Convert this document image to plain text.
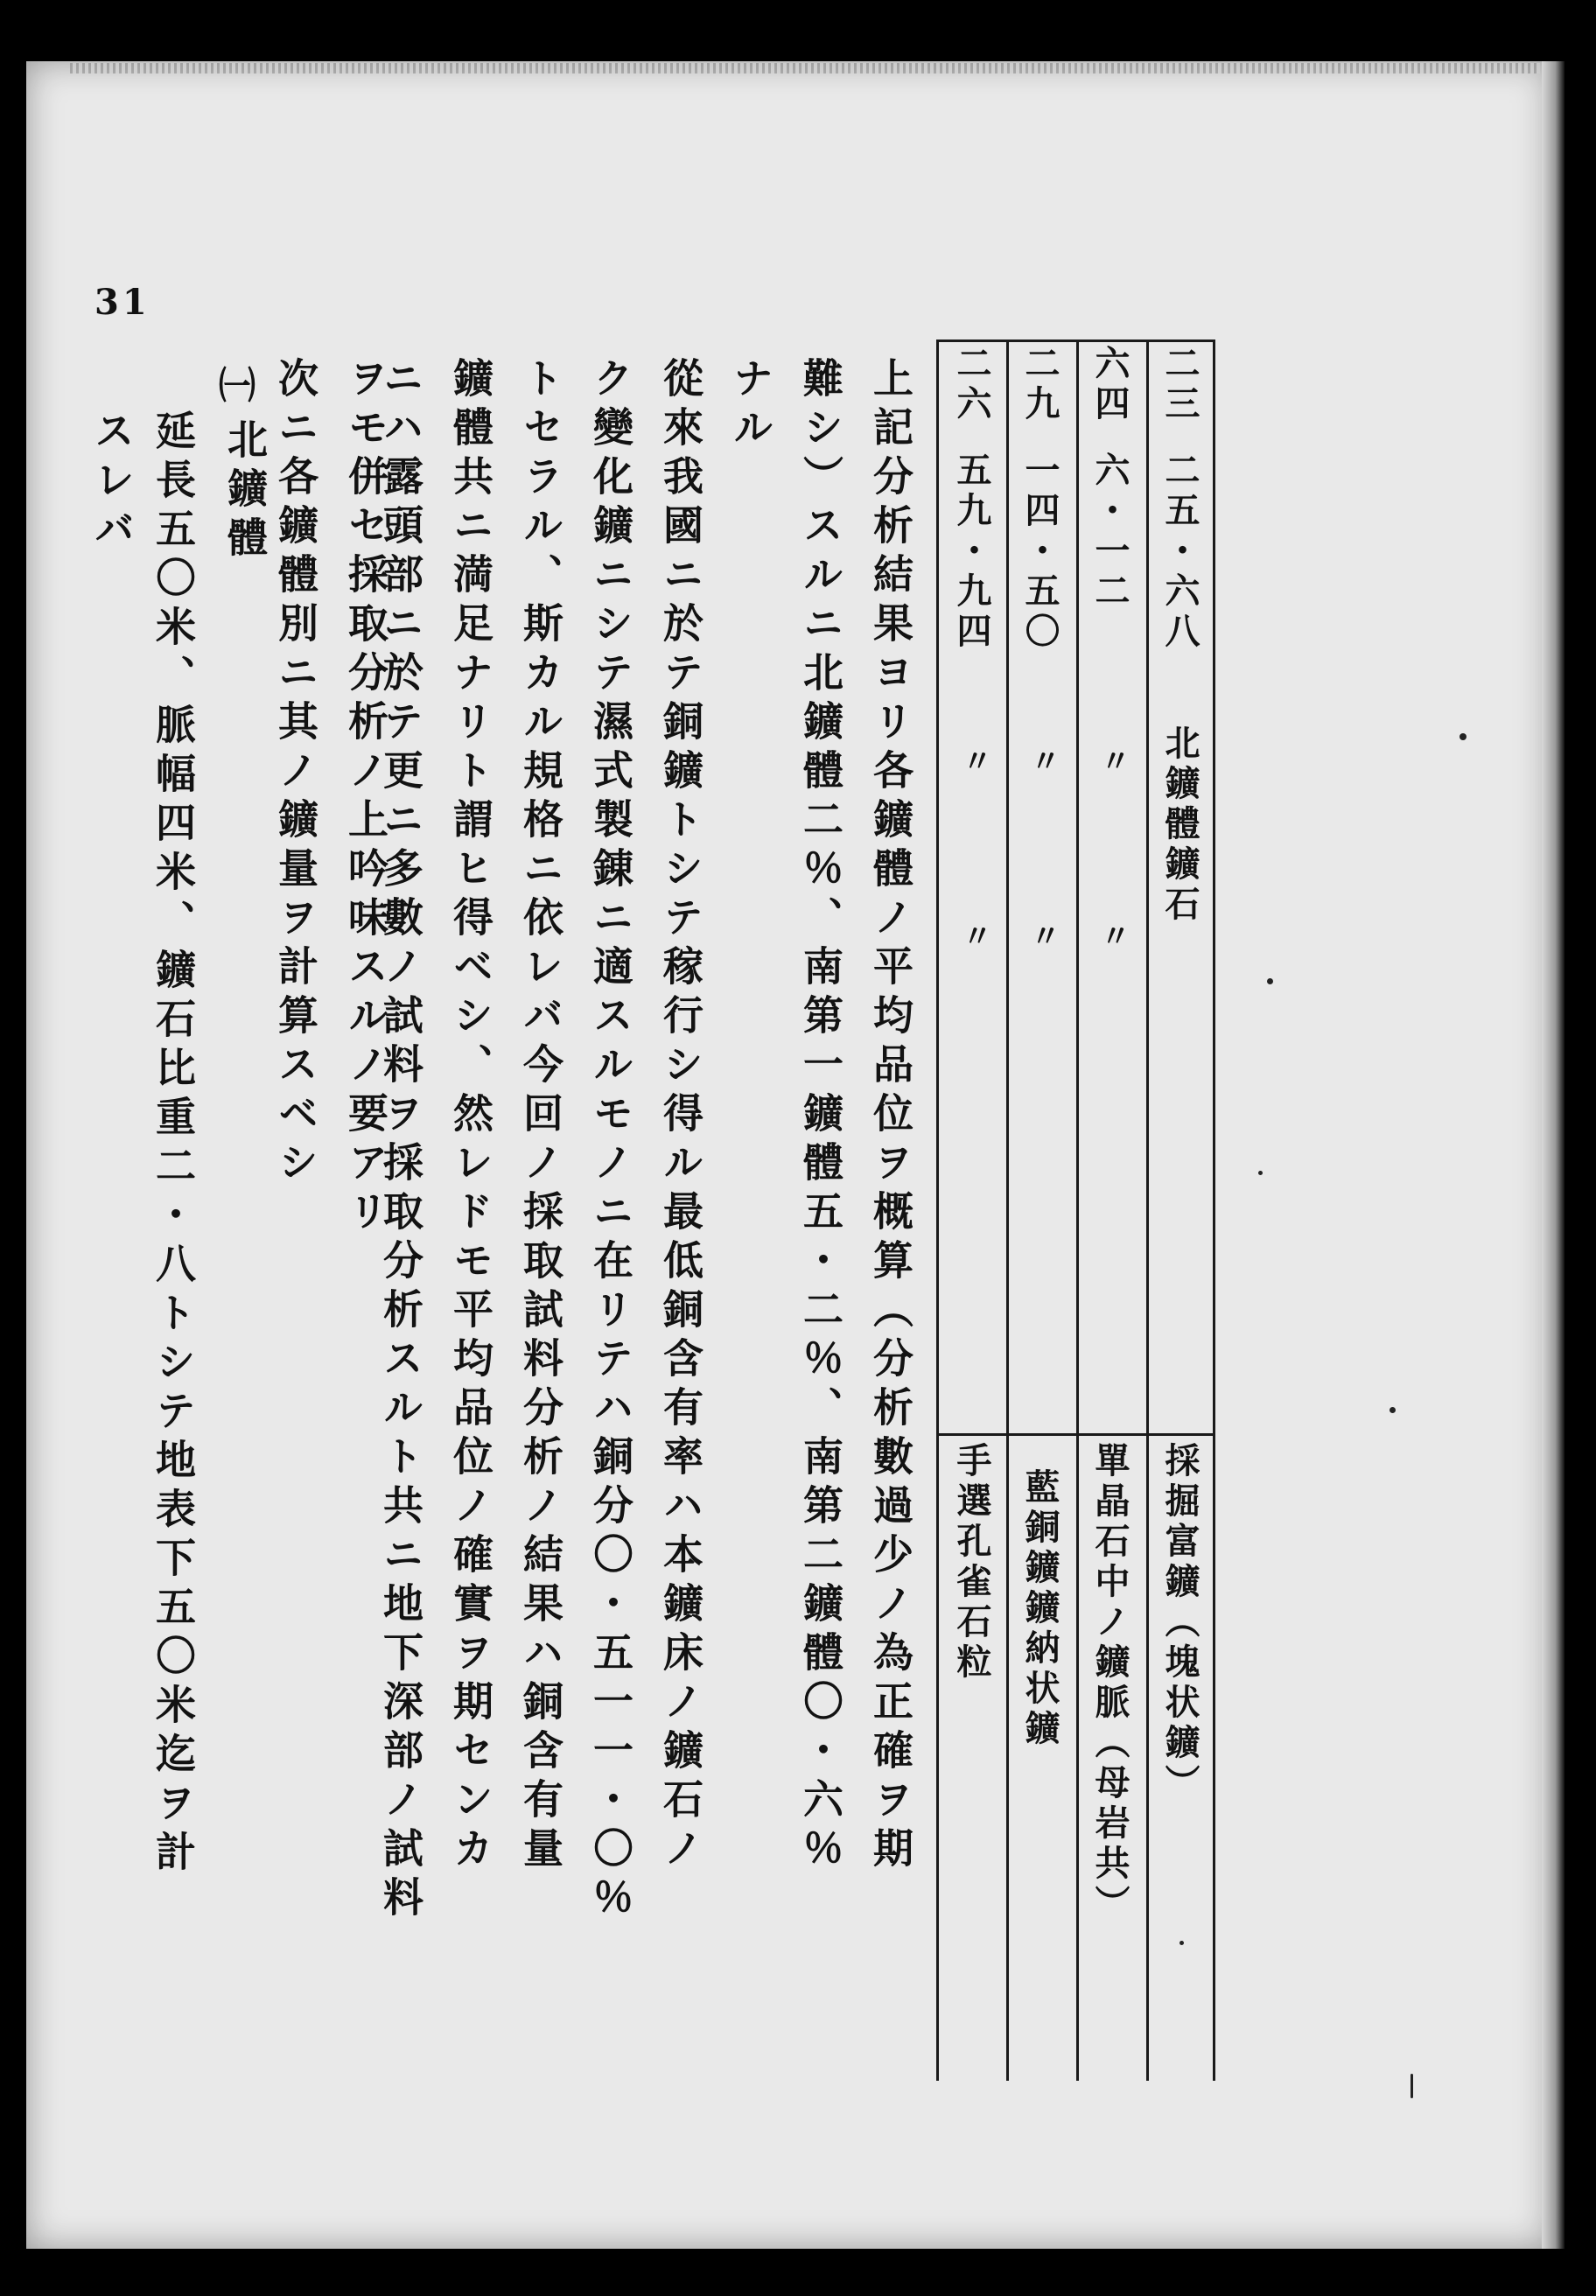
31
二三
二五・六八
北鑛體鑛石
採掘富鑛（塊状鑛）
六四
六・一二
〃
〃
單晶石中ノ鑛脈（母岩共）
二九
一四・五〇
〃
〃
藍銅鑛鑛納状鑛
二六
五九・九四
〃
〃
手選孔雀石粒
上記分析結果ヨリ各鑛體ノ平均品位ヲ概算（分析數過少ノ為正確ヲ期
難シ）スルニ北鑛體二％、南第一鑛體五・二％、南第二鑛體〇・六％
ナル
從來我國ニ於テ銅鑛トシテ稼行シ得ル最低銅含有率ハ本鑛床ノ鑛石ノ
ク變化鑛ニシテ濕式製錬ニ適スルモノニ在リテハ銅分〇・五一一・〇％
トセラル、斯カル規格ニ依レバ今回ノ採取試料分析ノ結果ハ銅含有量
鑛體共ニ満足ナリト謂ヒ得ベシ、然レドモ平均品位ノ確實ヲ期センカ
ニハ露頭部ニ於テ更ニ多數ノ試料ヲ採取分析スルト共ニ地下深部ノ試料
ヲモ併セ採取分析ノ上吟味スルノ要アリ
次ニ各鑛體別ニ其ノ鑛量ヲ計算スベシ
㈠
北鑛體
延長五〇米、脈幅四米、鑛石比重二・八トシテ地表下五〇米迄ヲ計
スレバ
